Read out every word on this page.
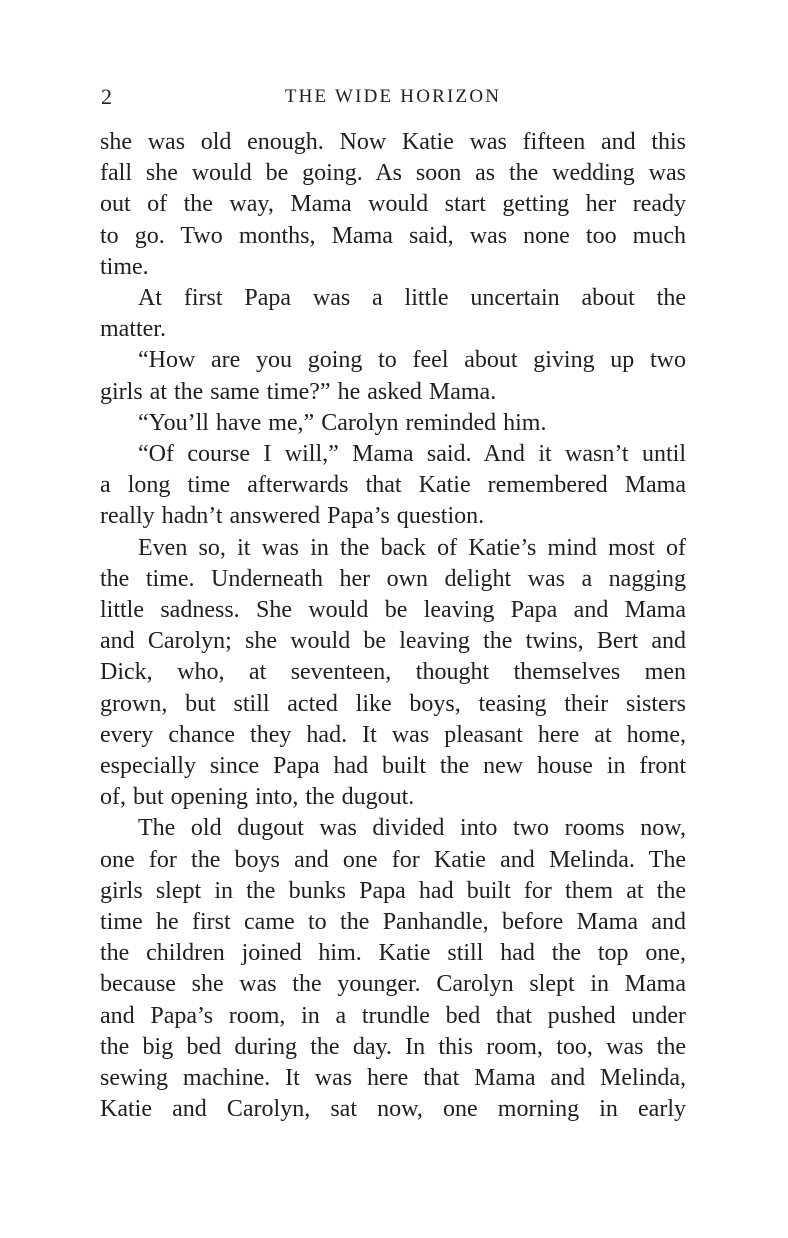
2	THE WIDE HORIZON
she was old enough. Now Katie was fifteen and this
fall she would be going. As soon as the wedding was
out of the way, Mama would start getting her ready
to go. Two months, Mama said, was none too much
time.
At first Papa was a little uncertain about the
matter.
“How are you going to feel about giving up two
girls at the same time?” he asked Mama.
“You’ll have me,” Carolyn reminded him.
“Of course I will,” Mama said. And it wasn’t until
a long time afterwards that Katie remembered Mama
really hadn’t answered Papa’s question.
Even so, it was in the back of Katie’s mind most of
the time. Underneath her own delight was a nagging
little sadness. She would be leaving Papa and Mama
and Carolyn; she would be leaving the twins, Bert and
Dick, who, at seventeen, thought themselves men
grown, but still acted like boys, teasing their sisters
every chance they had. It was pleasant here at home,
especially since Papa had built the new house in front
of, but opening into, the dugout.
The old dugout was divided into two rooms now,
one for the boys and one for Katie and Melinda. The
girls slept in the bunks Papa had built for them at the
time he first came to the Panhandle, before Mama and
the children joined him. Katie still had the top one,
because she was the younger. Carolyn slept in Mama
and Papa’s room, in a trundle bed that pushed under
the big bed during the day. In this room, too, was the
sewing machine. It was here that Mama and Melinda,
Katie and Carolyn, sat now, one morning in early
